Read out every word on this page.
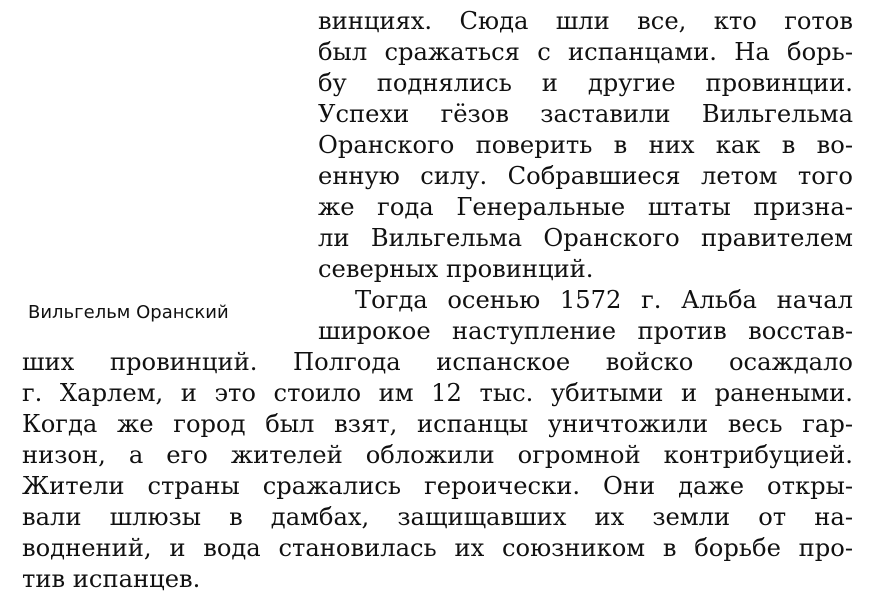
винциях. Сюда шли все, кто готов
был сражаться с испанцами. На борь-
бу поднялись и другие провинции.
Успехи гёзов заставили Вильгельма
Оранского поверить в них как в во-
енную силу. Собравшиеся летом того
же года Генеральные штаты призна-
ли Вильгельма Оранского правителем
северных провинций.
Вильгельм Оранский	Тогда осенью 1572 г. Альба начал
широкое наступление против восстав-
ших провинций. Полгода испанское войско осаждало
г. Харлем, и это стоило им 12 тыс. убитыми и ранеными.
Когда же город был взят, испанцы уничтожили весь гар-
низон, а его жителей обложили огромной контрибуцией.
Жители страны сражались героически. Они даже откры-
вали шлюзы в дамбах, защищавших их земли от на-
воднений, и вода становилась их союзником в борьбе про-
тив испанцев.
